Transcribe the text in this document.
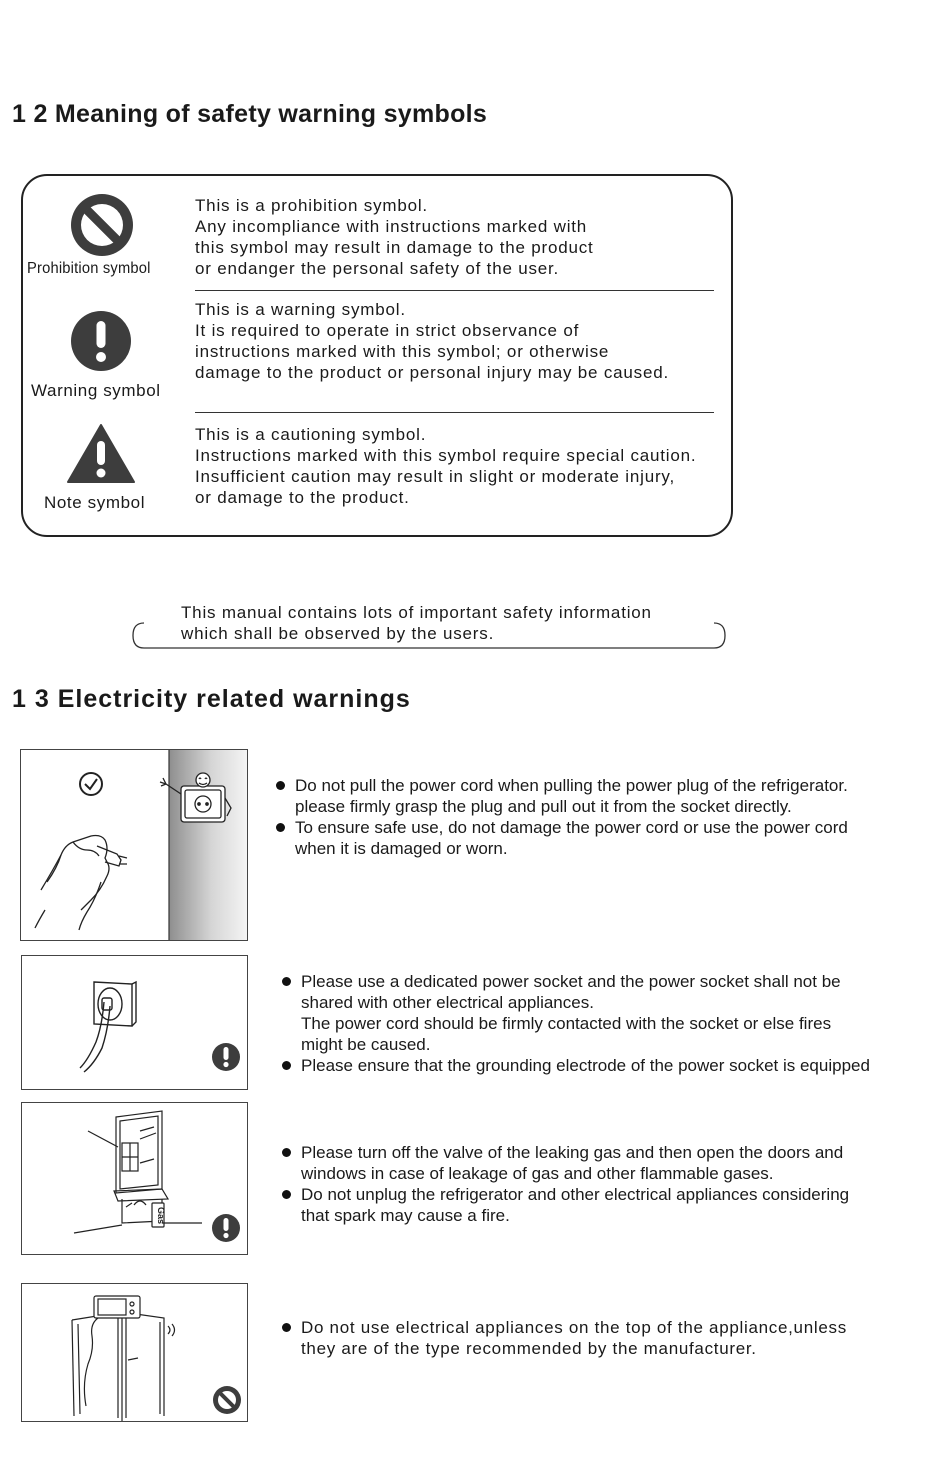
1 2 Meaning of safety warning symbols
Prohibition symbol
This is a prohibition symbol.
Any incompliance with instructions marked with
this symbol may result in damage to the product
or endanger the personal safety of the user.
Warning symbol
This is a warning symbol.
It is required to operate in strict observance of
instructions marked with this symbol; or otherwise
damage to the product or personal injury may be caused.
Note symbol
This is a cautioning symbol.
Instructions marked with this symbol require special caution.
Insufficient caution may result in slight or moderate injury,
or damage to the product.
This manual contains lots of important safety information
which shall be observed by the users.
1 3 Electricity related warnings
Do not pull the power cord when pulling the power plug of the refrigerator.
please firmly grasp the plug and pull out it from the socket directly.
To ensure safe use, do not damage the power cord or use the power cord
when it is damaged or worn.
Please use a dedicated power socket and the power socket shall not be
shared with other electrical appliances.
The power cord should be firmly contacted with the socket or else fires
might be caused.
Please ensure that the grounding electrode of the power socket is equipped
Gas
Please turn off the valve of the leaking gas and then open the doors and
windows in case of leakage of gas and other flammable gases.
Do not unplug the refrigerator and other electrical appliances considering
that spark may cause a fire.
Do not use electrical appliances on the top of the appliance,unless
they are of the type recommended by the manufacturer.
